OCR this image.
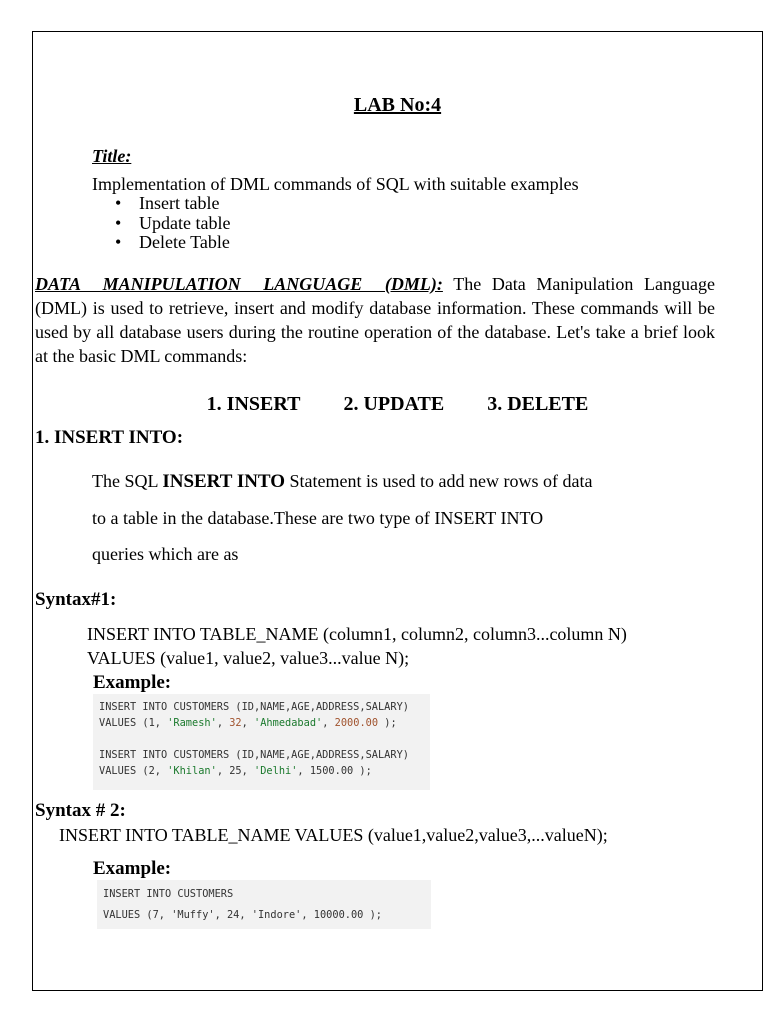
LAB No:4
Title:
Implementation of DML commands of SQL with suitable examples
• Insert table
• Update table
• Delete Table
DATA MANIPULATION LANGUAGE (DML): The Data Manipulation Language (DML) is used to retrieve, insert and modify database information. These commands will be used by all database users during the routine operation of the database. Let's take a brief look at the basic DML commands:
1. INSERT 2. UPDATE 3. DELETE
1. INSERT INTO:
The SQL INSERT INTO Statement is used to add new rows of data
to a table in the database.These are two type of INSERT INTO
queries which are as
Syntax#1:
INSERT INTO TABLE_NAME (column1, column2, column3...column N)
VALUES (value1, value2, value3...value N);
Example:
INSERT INTO CUSTOMERS (ID,NAME,AGE,ADDRESS,SALARY)
VALUES (1, 'Ramesh', 32, 'Ahmedabad', 2000.00 );
INSERT INTO CUSTOMERS (ID,NAME,AGE,ADDRESS,SALARY)
VALUES (2, 'Khilan', 25, 'Delhi', 1500.00 );
Syntax # 2:
INSERT INTO TABLE_NAME VALUES (value1,value2,value3,...valueN);
Example:
INSERT INTO CUSTOMERS
VALUES (7, 'Muffy', 24, 'Indore', 10000.00 );
